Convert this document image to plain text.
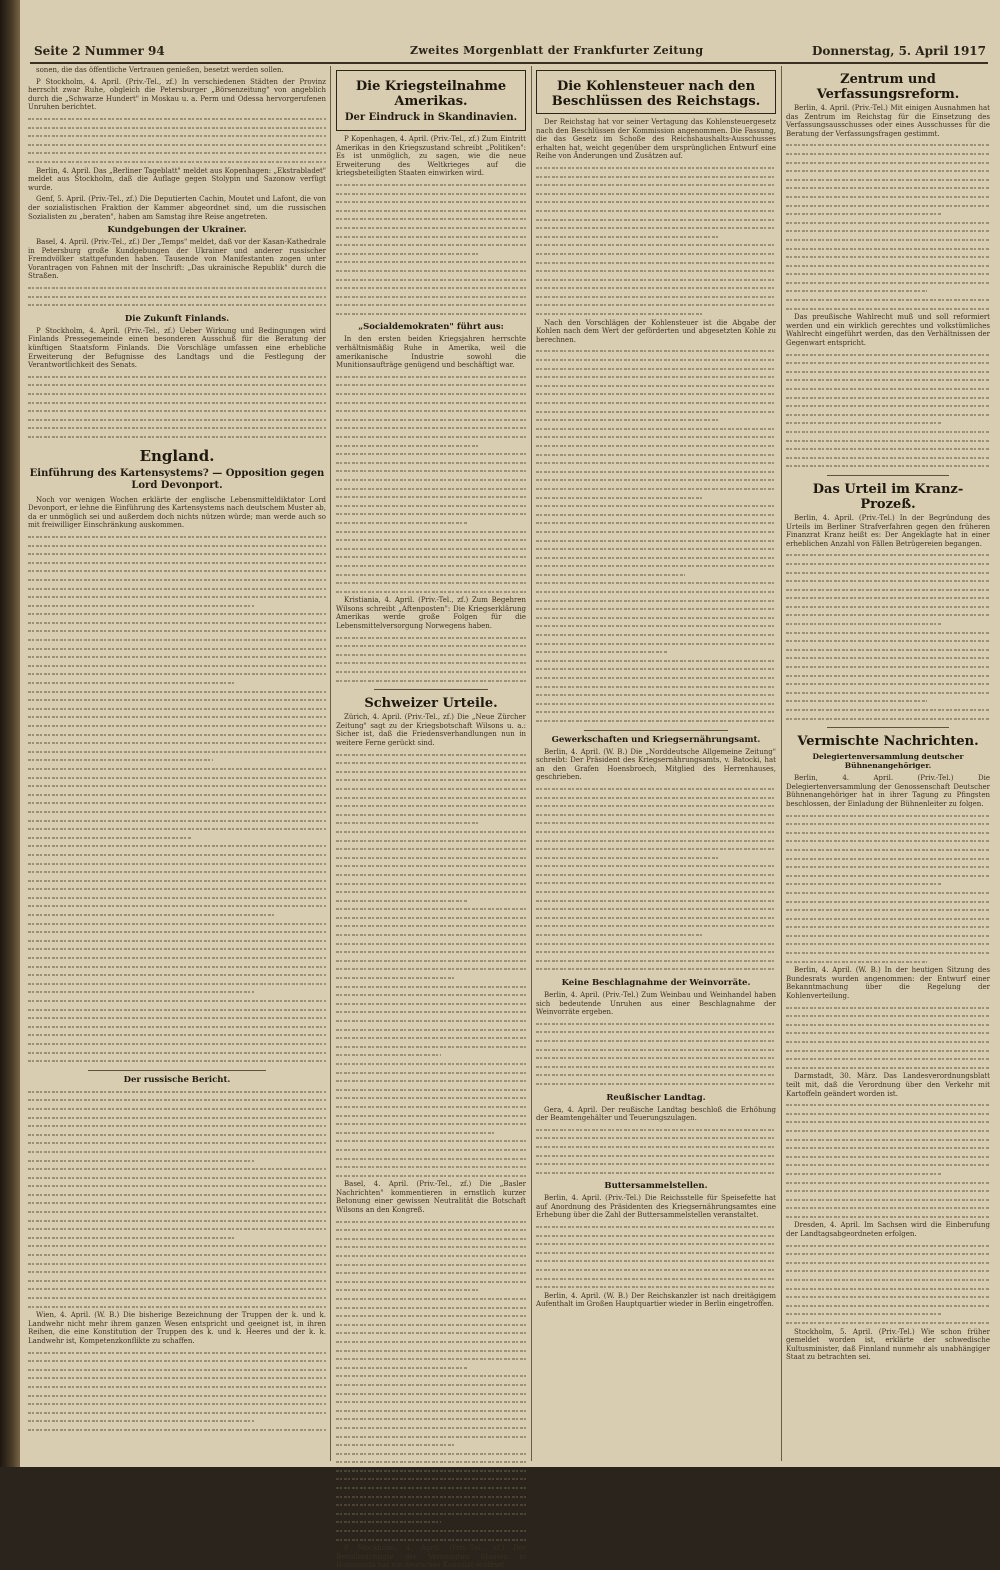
Seite 2 Nummer 94	Zweites Morgenblatt der Frankfurter Zeitung	Donnerstag, 5. April 1917

sonen, die das öffentliche Vertrauen genießen, besetzt werden sollen.

P Stockholm, 4. April. (Priv.-Tel., zf.) In verschiedenen Städten der Provinz herrscht zwar Ruhe, obgleich die Petersburger „Börsenzeitung" von angeblich durch die „Schwarze Hundert" in Moskau u. a. Perm und Odessa hervorgerufenen Unruhen berichtet.

Berlin, 4. April. Das „Berliner Tageblatt" meldet aus Kopenhagen: „Ekstrabladet" meldet aus Stockholm, daß die Auflage gegen Stolypin und Sazonow verfügt wurde.

Genf, 5. April. (Priv.-Tel., zf.) Die Deputierten Cachin, Moutet und Lafont, die von der sozialistischen Fraktion der Kammer abgeordnet sind, um die russischen Sozialisten zu „beraten", haben am Samstag ihre Reise angetreten.

Kundgebungen der Ukrainer.

Basel, 4. April. (Priv.-Tel., zf.) Der „Temps" meldet, daß vor der Kasan-Kathedrale in Petersburg große Kundgebungen der Ukrainer und anderer russischer Fremdvölker stattgefunden haben. Tausende von Manifestanten zogen unter Vorantragen von Fahnen mit der Inschrift: „Das ukrainische Republik" durch die Straßen.

Die Zukunft Finlands.

P Stockholm, 4. April. (Priv.-Tel., zf.) Ueber Wirkung und Bedingungen wird Finlands Pressegemeinde einen besonderen Ausschuß für die Beratung der künftigen Staatsform Finlands. Die Vorschläge umfassen eine erhebliche Erweiterung der Befugnisse des Landtags und die Festlegung der Verantwortlichkeit des Senats.

England.
Einführung des Kartensystems? — Opposition gegen Lord Devonport.

Noch vor wenigen Wochen erklärte der englische Lebensmitteldiktator Lord Devonport, er lehne die Einführung des Kartensystems nach deutschem Muster ab, da er unmöglich sei und außerdem doch nichts nützen würde; man werde auch so mit freiwilliger Einschränkung auskommen.

Der russische Bericht.

Wien, 4. April. (W. B.) Die bisherige Bezeichnung der Truppen der k. und k. Landwehr nicht mehr ihrem ganzen Wesen entspricht und geeignet ist, in ihren Reihen, die eine Konstitution der Truppen des k. und k. Heeres und der k. k. Landwehr ist, Kompetenzkonflikte zu schaffen.

Die Kriegsteilnahme Amerikas.
Der Eindruck in Skandinavien.

P Kopenhagen, 4. April. (Priv.-Tel., zf.) Zum Eintritt Amerikas in den Kriegszustand schreibt „Politiken": Es ist unmöglich, zu sagen, wie die neue Erweiterung des Weltkrieges auf die kriegsbeteiligten Staaten einwirken wird.

„Socialdemokraten" führt aus:

In den ersten beiden Kriegsjahren herrschte verhältnismäßig Ruhe in Amerika, weil die amerikanische Industrie sowohl die Munitionsaufträge genügend und beschäftigt war.

Kristiania, 4. April. (Priv.-Tel., zf.) Zum Begehren Wilsons schreibt „Aftenposten": Die Kriegserklärung Amerikas werde große Folgen für die Lebensmittelversorgung Norwegens haben.

Schweizer Urteile.

Zürich, 4. April. (Priv.-Tel., zf.) Die „Neue Zürcher Zeitung" sagt zu der Kriegsbotschaft Wilsons u. a.: Sicher ist, daß die Friedensverhandlungen nun in weitere Ferne gerückt sind.

Basel, 4. April. (Priv.-Tel., zf.) Die „Basler Nachrichten" kommentieren in ernstlich kurzer Betonung einer gewissen Neutralität die Botschaft Wilsons an den Kongreß.

P Stockholm, 4. April. (Priv.-Tel., zf.) Der Bevollmächtigte der Vereinigten Staaten in Haparanda hat ein deutsches Konsulat eröffnet.

Die Kohlensteuer nach den Beschlüssen des Reichstags.

Der Reichstag hat vor seiner Vertagung das Kohlensteuergesetz nach den Beschlüssen der Kommission angenommen. Die Fassung, die das Gesetz im Schoße des Reichshaushalts-Ausschusses erhalten hat, weicht gegenüber dem ursprünglichen Entwurf eine Reihe von Änderungen und Zusätzen auf.

Nach den Vorschlägen der Kohlensteuer ist die Abgabe der Kohlen nach dem Wert der geförderten und abgesetzten Kohle zu berechnen.

Gewerkschaften und Kriegsernährungsamt.

Berlin, 4. April. (W. B.) Die „Norddeutsche Allgemeine Zeitung" schreibt: Der Präsident des Kriegsernährungsamts, v. Batocki, hat an den Grafen Hoensbroech, Mitglied des Herrenhauses, geschrieben.

Keine Beschlagnahme der Weinvorräte.

Berlin, 4. April. (Priv.-Tel.) Zum Weinbau und Weinhandel haben sich bedeutende Unruhen aus einer Beschlagnahme der Weinvorräte ergeben.

Reußischer Landtag.

Gera, 4. April. Der reußische Landtag beschloß die Erhöhung der Beamtengehälter und Teuerungszulagen.

Buttersammelstellen.

Berlin, 4. April. (Priv.-Tel.) Die Reichsstelle für Speisefette hat auf Anordnung des Präsidenten des Kriegsernährungsamtes eine Erhebung über die Zahl der Buttersammelstellen veranstaltet.

Berlin, 4. April. (W. B.) Der Reichskanzler ist nach dreitägigem Aufenthalt im Großen Hauptquartier wieder in Berlin eingetroffen.

Zentrum und Verfassungsreform.

Berlin, 4. April. (Priv.-Tel.) Mit einigen Ausnahmen hat das Zentrum im Reichstag für die Einsetzung des Verfassungsausschusses oder eines Ausschusses für die Beratung der Verfassungsfragen gestimmt.

Das preußische Wahlrecht muß und soll reformiert werden und ein wirklich gerechtes und volkstümliches Wahlrecht eingeführt werden, das den Verhältnissen der Gegenwart entspricht.

Das Urteil im Kranz-Prozeß.

Berlin, 4. April. (Priv.-Tel.) In der Begründung des Urteils im Berliner Strafverfahren gegen den früheren Finanzrat Kranz heißt es: Der Angeklagte hat in einer erheblichen Anzahl von Fällen Betrügereien begangen.

Vermischte Nachrichten.
Delegiertenversammlung deutscher Bühnenangehöriger.

Berlin, 4. April. (Priv.-Tel.) Die Delegiertenversammlung der Genossenschaft Deutscher Bühnenangehöriger hat in ihrer Tagung zu Pfingsten beschlossen, der Einladung der Bühnenleiter zu folgen.

Berlin, 4. April. (W. B.) In der heutigen Sitzung des Bundesrats wurden angenommen: der Entwurf einer Bekanntmachung über die Regelung der Kohlenverteilung.

Darmstadt, 30. März. Das Landesverordnungsblatt teilt mit, daß die Verordnung über den Verkehr mit Kartoffeln geändert worden ist.

Dresden, 4. April. Im Sachsen wird die Einberufung der Landtagsabgeordneten erfolgen.

Stockholm, 5. April. (Priv.-Tel.) Wie schon früher gemeldet worden ist, erklärte der schwedische Kultusminister, daß Finnland nunmehr als unabhängiger Staat zu betrachten sei.
